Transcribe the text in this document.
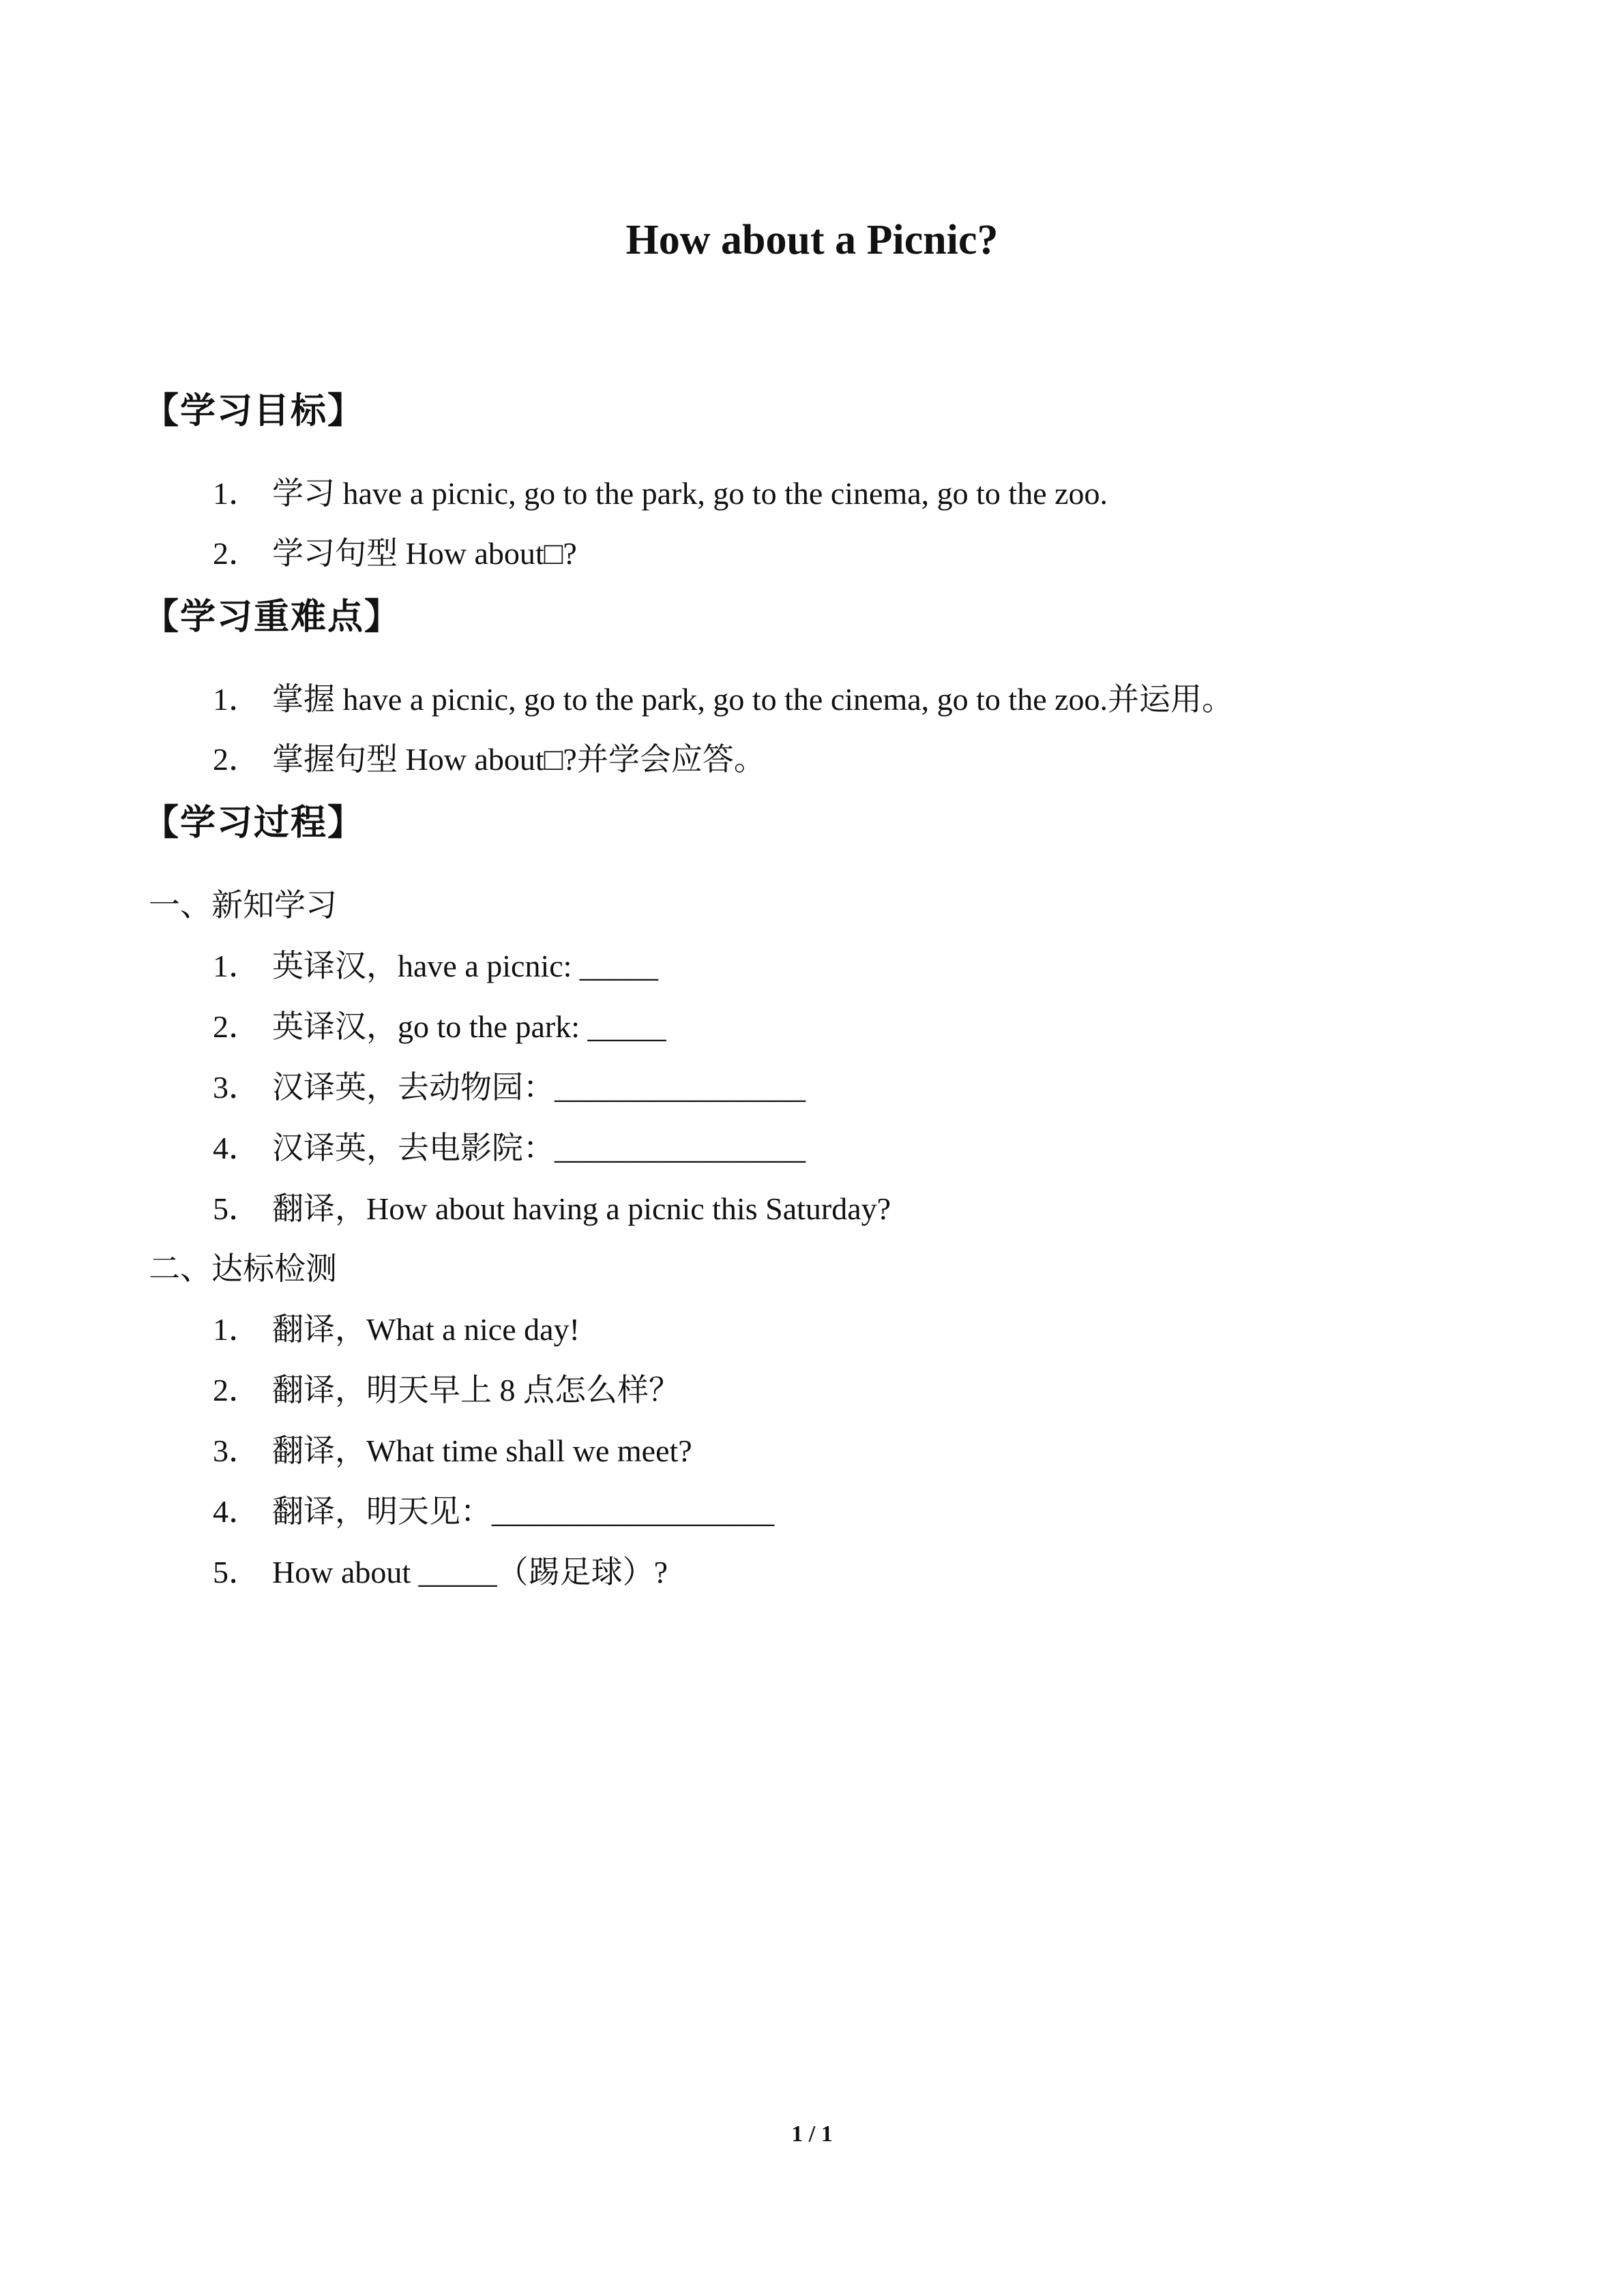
How about a Picnic?
【学习目标】
1． 学习 have a picnic, go to the park, go to the cinema, go to the zoo.
2． 学习句型 How about□?
【学习重难点】
1． 掌握 have a picnic, go to the park, go to the cinema, go to the zoo.并运用。
2． 掌握句型 How about□?并学会应答。
【学习过程】
一、新知学习
1． 英译汉，have a picnic: _____
2． 英译汉，go to the park: _____
3． 汉译英，去动物园：________________
4． 汉译英，去电影院：________________
5． 翻译，How about having a picnic this Saturday?
二、达标检测
1． 翻译，What a nice day!
2． 翻译，明天早上 8 点怎么样？
3． 翻译，What time shall we meet?
4． 翻译，明天见：__________________
5． How about _____（踢足球）?
1 / 1
